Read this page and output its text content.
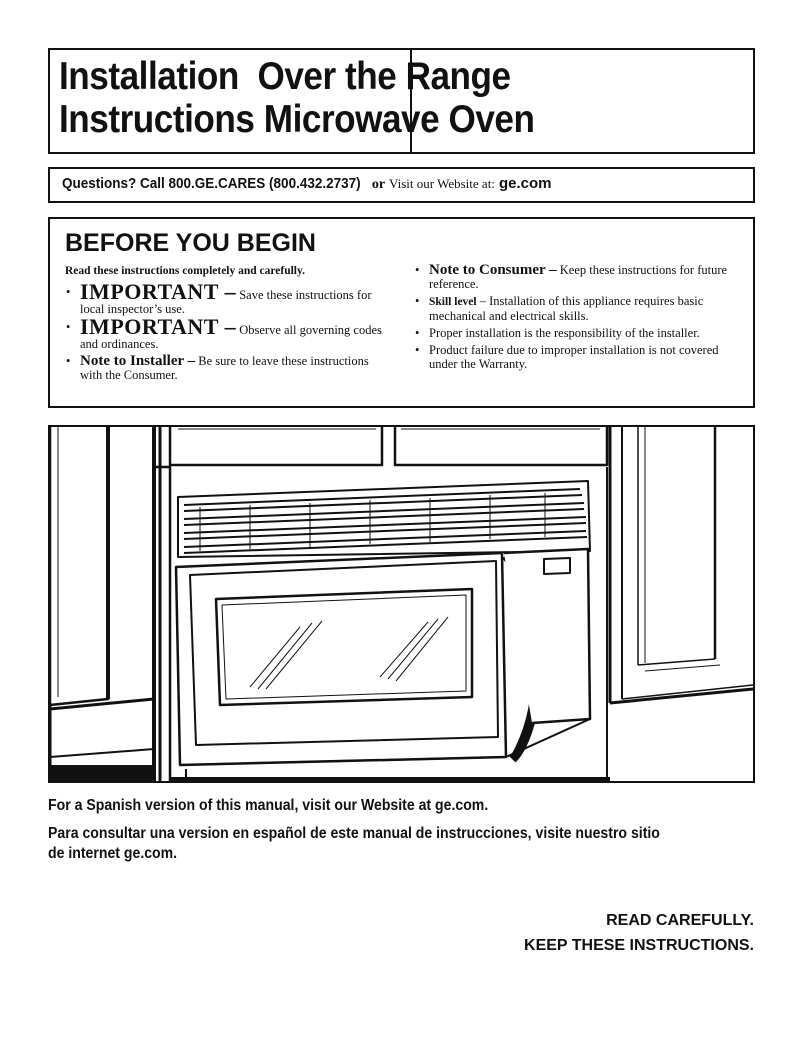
Installation Over the Range
Instructions Microwave Oven
Questions? Call 800.GE.CARES (800.432.2737) or Visit our Website at: ge.com
BEFORE YOU BEGIN
Read these instructions completely and carefully.
• IMPORTANT – Save these instructions for local inspector’s use.
• IMPORTANT – Observe all governing codes and ordinances.
• Note to Installer – Be sure to leave these instructions with the Consumer.
• Note to Consumer – Keep these instructions for future reference.
• Skill level – Installation of this appliance requires basic mechanical and electrical skills.
• Proper installation is the responsibility of the installer.
• Product failure due to improper installation is not covered under the Warranty.
For a Spanish version of this manual, visit our Website at ge.com.
Para consultar una version en español de este manual de instrucciones, visite nuestro sitio
de internet ge.com.
READ CAREFULLY.
KEEP THESE INSTRUCTIONS.
